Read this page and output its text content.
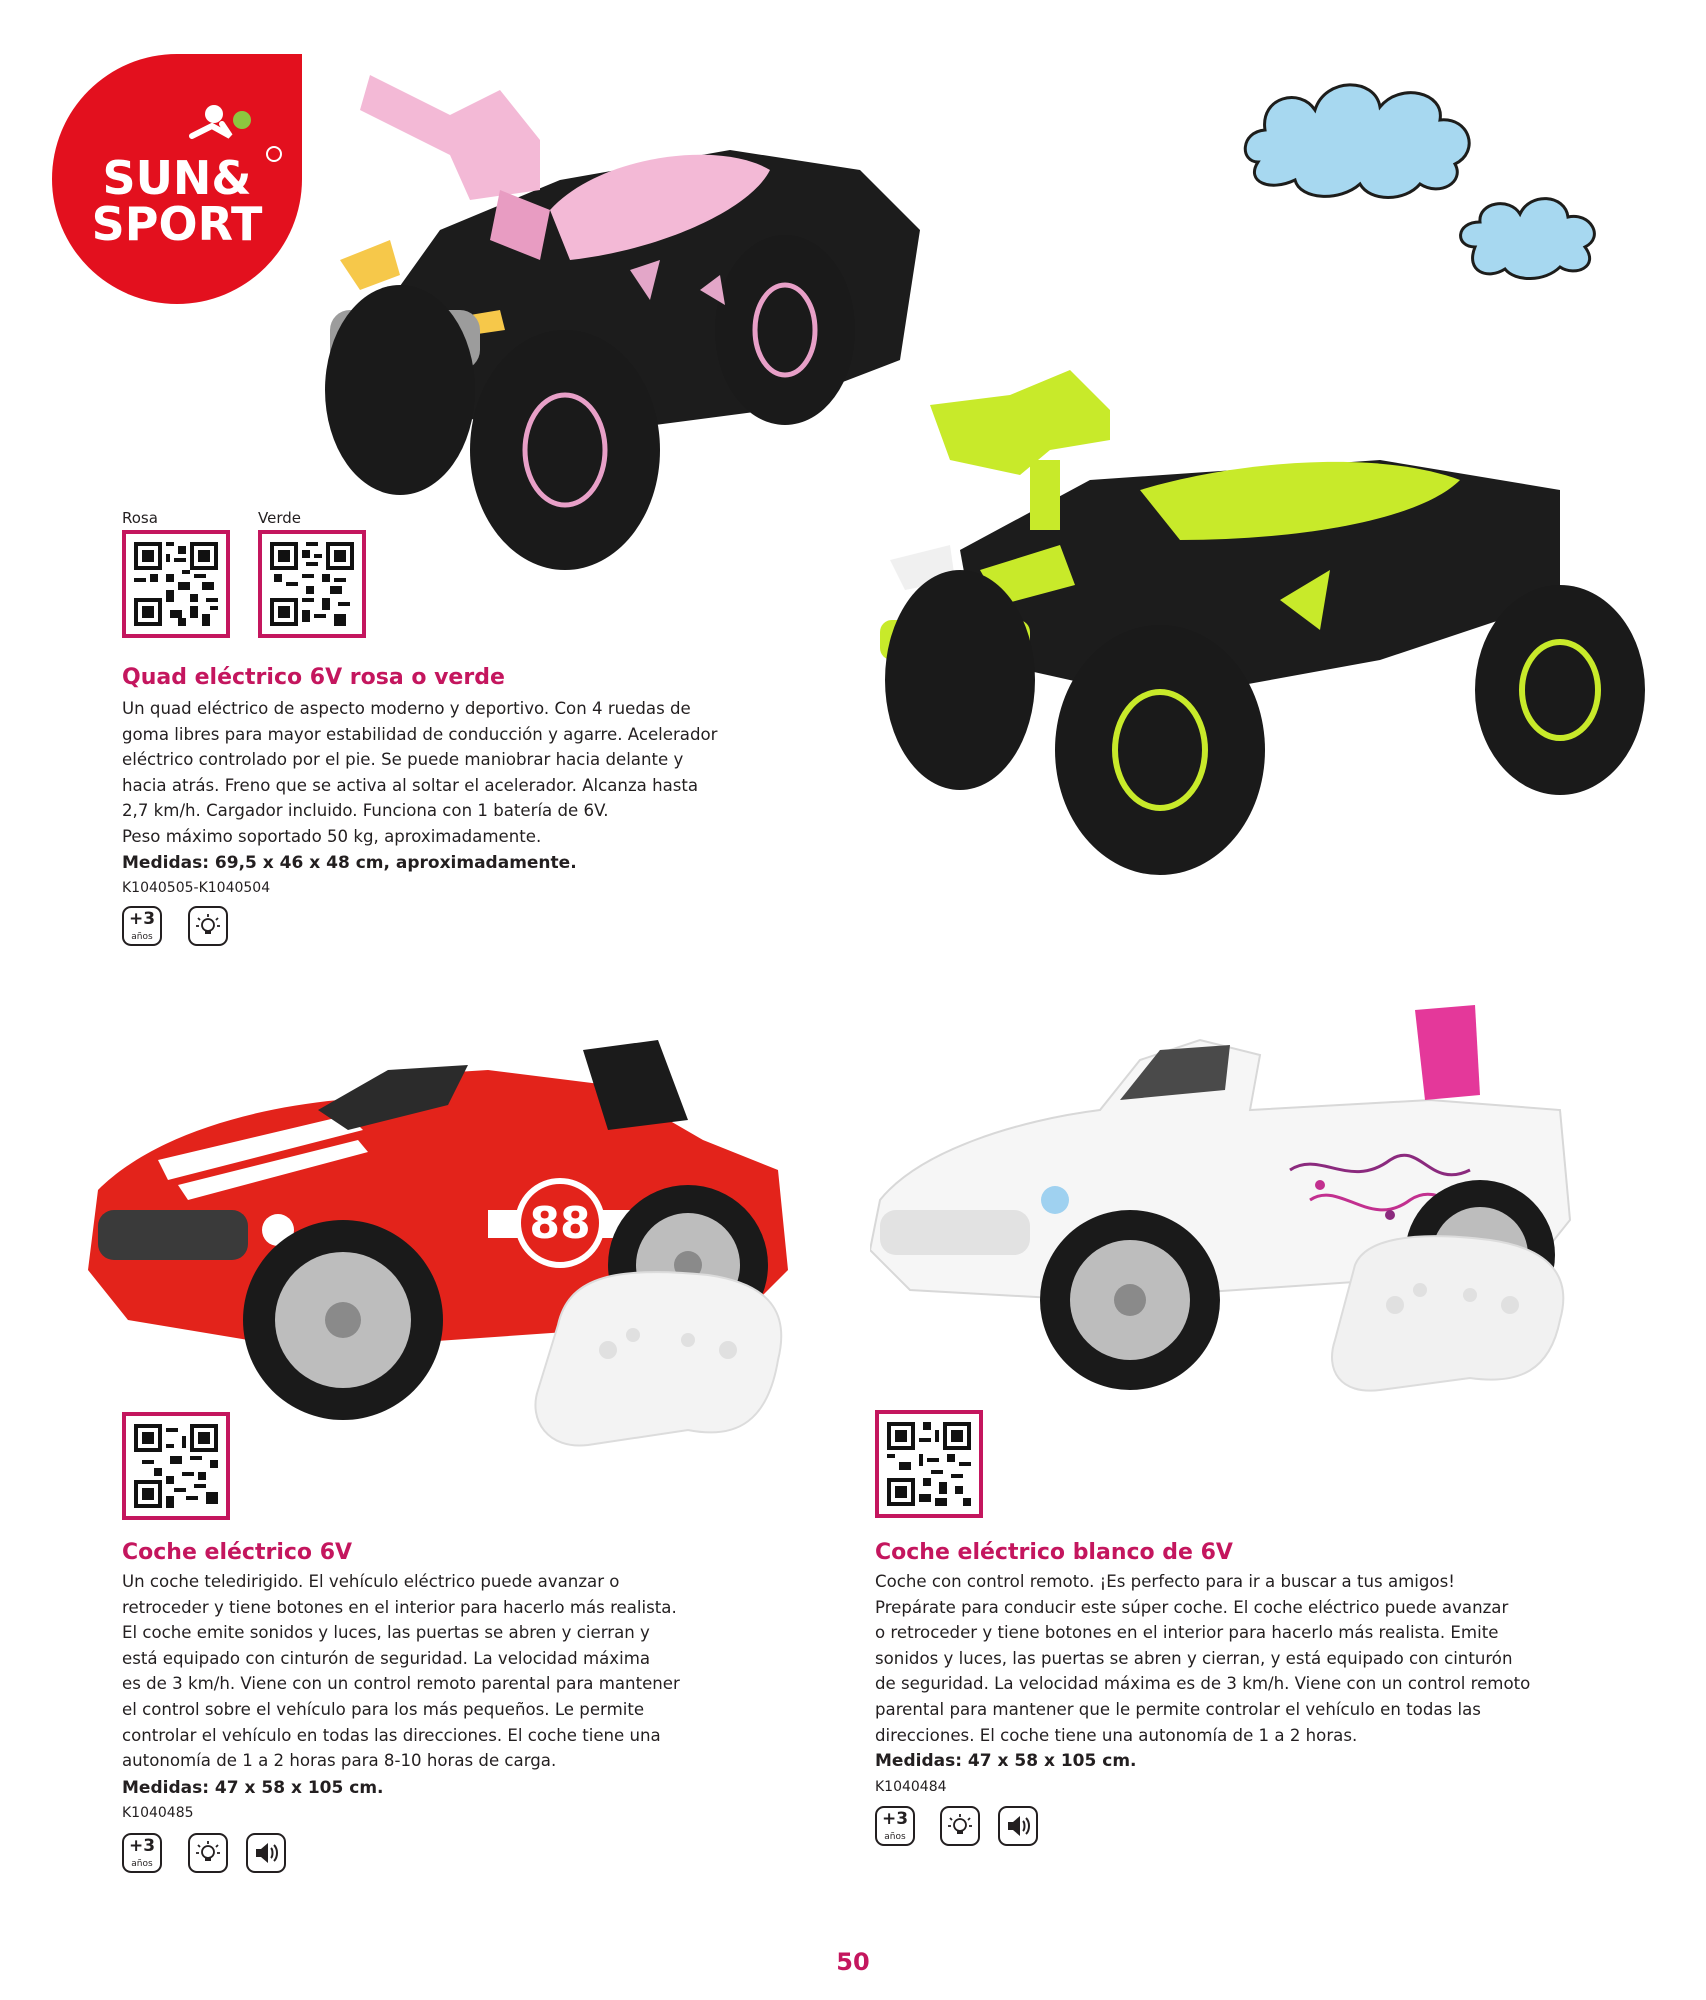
SUN&
SPORT
Rosa	Verde
Quad eléctrico 6V rosa o verde

Un quad eléctrico de aspecto moderno y deportivo. Con 4 ruedas de

goma libres para mayor estabilidad de conducción y agarre. Acelerador

eléctrico controlado por el pie. Se puede maniobrar hacia delante y

hacia atrás. Freno que se activa al soltar el acelerador. Alcanza hasta

2,7 km/h. Cargador incluido. Funciona con 1 batería de 6V.

Peso máximo soportado 50 kg, aproximadamente.

Medidas: 69,5 x 46 x 48 cm, aproximadamente.
K1040505-K1040504
+3
años
88
Coche eléctrico 6V

Un coche teledirigido. El vehículo eléctrico puede avanzar o

retroceder y tiene botones en el interior para hacerlo más realista.

El coche emite sonidos y luces, las puertas se abren y cierran y

está equipado con cinturón de seguridad. La velocidad máxima

es de 3 km/h. Viene con un control remoto parental para mantener

el control sobre el vehículo para los más pequeños. Le permite

controlar el vehículo en todas las direcciones. El coche tiene una

autonomía de 1 a 2 horas para 8-10 horas de carga.

Medidas: 47 x 58 x 105 cm.
K1040485
+3
años
Coche eléctrico blanco de 6V

Coche con control remoto. ¡Es perfecto para ir a buscar a tus amigos!

Prepárate para conducir este súper coche. El coche eléctrico puede avanzar

o retroceder y tiene botones en el interior para hacerlo más realista. Emite

sonidos y luces, las puertas se abren y cierran, y está equipado con cinturón

de seguridad. La velocidad máxima es de 3 km/h. Viene con un control remoto

parental para mantener que le permite controlar el vehículo en todas las

direcciones. El coche tiene una autonomía de 1 a 2 horas.

Medidas: 47 x 58 x 105 cm.
K1040484
+3
años
50
